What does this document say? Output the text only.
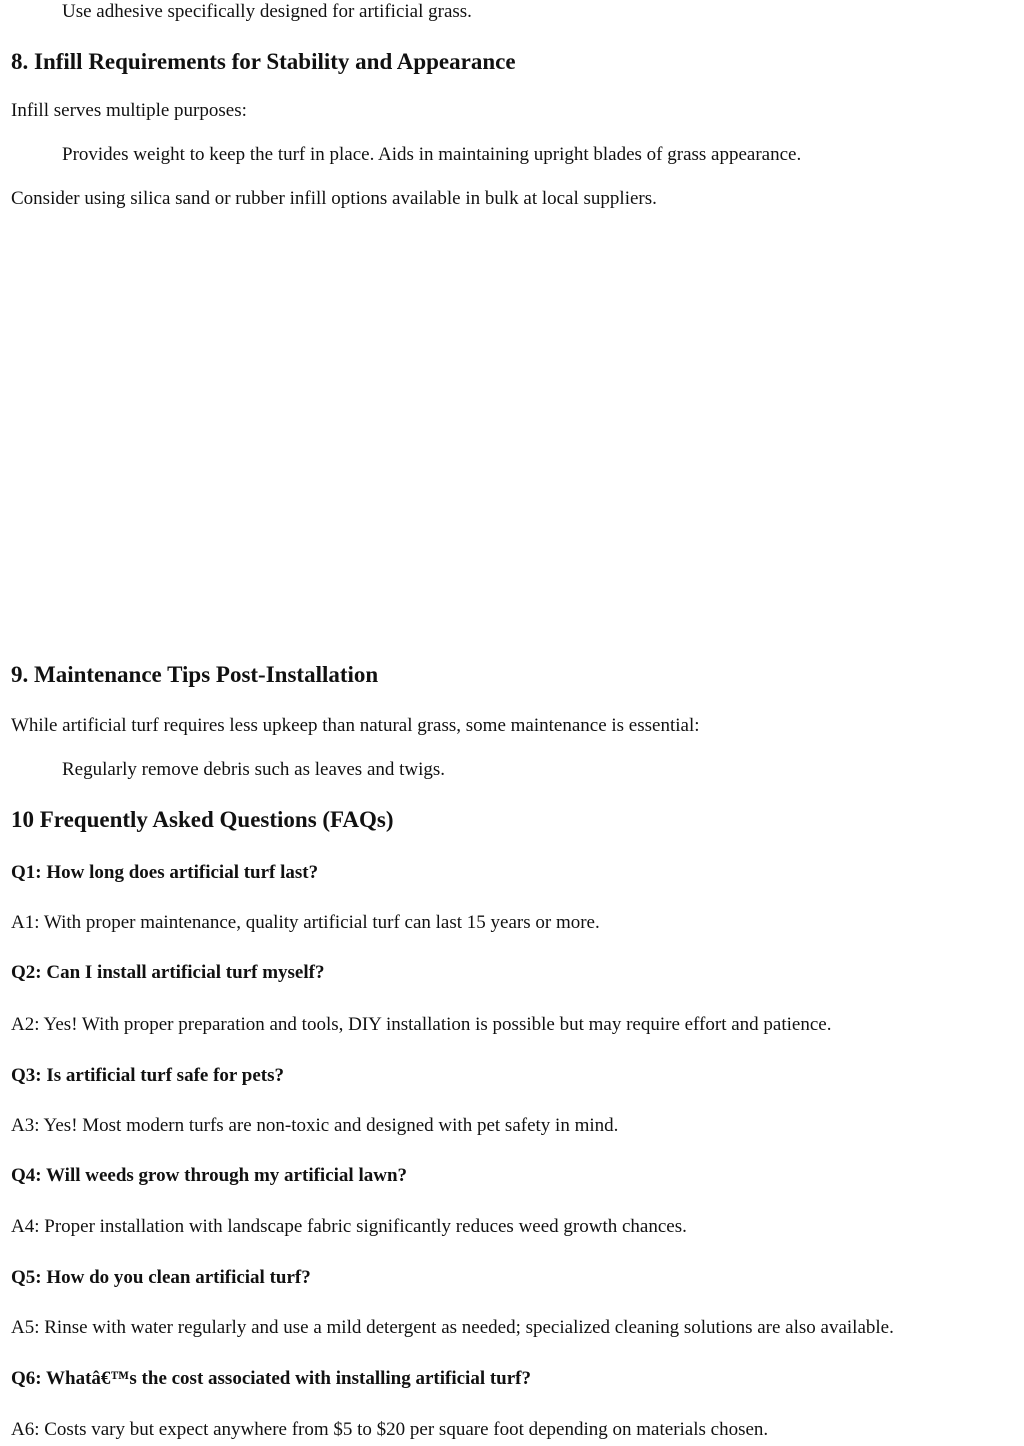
Use adhesive specifically designed for artificial grass.

8. Infill Requirements for Stability and Appearance

Infill serves multiple purposes:

Provides weight to keep the turf in place. Aids in maintaining upright blades of grass appearance.

Consider using silica sand or rubber infill options available in bulk at local suppliers.

9. Maintenance Tips Post-Installation

While artificial turf requires less upkeep than natural grass, some maintenance is essential:

Regularly remove debris such as leaves and twigs.

10 Frequently Asked Questions (FAQs)

Q1: How long does artificial turf last?

A1: With proper maintenance, quality artificial turf can last 15 years or more.

Q2: Can I install artificial turf myself?

A2: Yes! With proper preparation and tools, DIY installation is possible but may require effort and patience.

Q3: Is artificial turf safe for pets?

A3: Yes! Most modern turfs are non-toxic and designed with pet safety in mind.

Q4: Will weeds grow through my artificial lawn?

A4: Proper installation with landscape fabric significantly reduces weed growth chances.

Q5: How do you clean artificial turf?

A5: Rinse with water regularly and use a mild detergent as needed; specialized cleaning solutions are also available.

Q6: Whatâ€™s the cost associated with installing artificial turf?

A6: Costs vary but expect anywhere from $5 to $20 per square foot depending on materials chosen.
